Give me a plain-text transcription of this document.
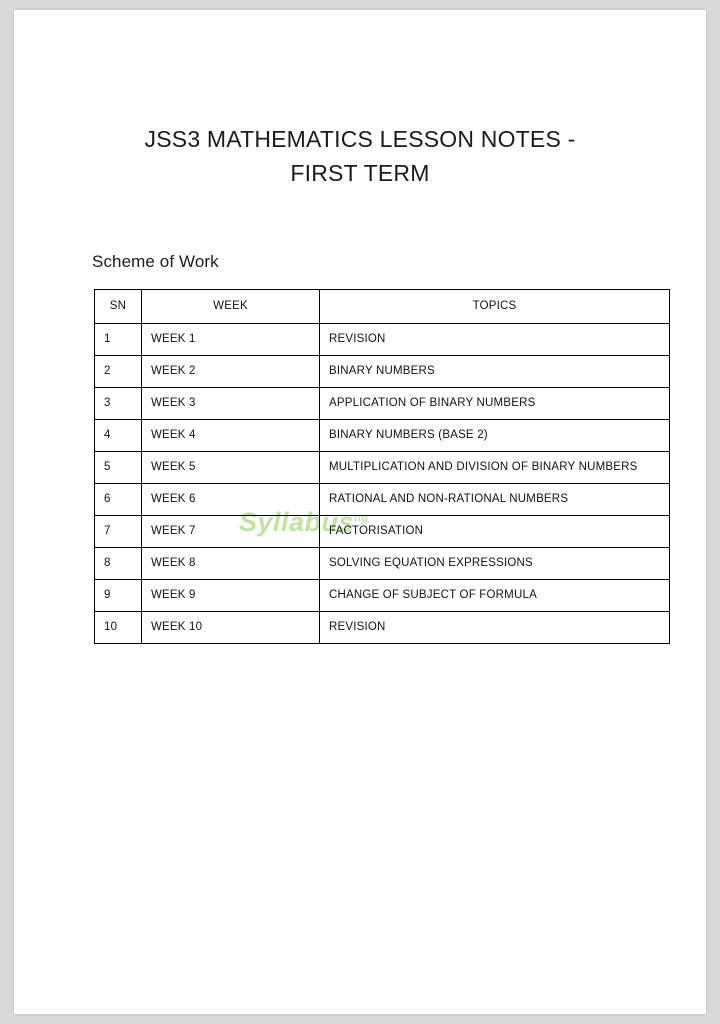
JSS3 MATHEMATICS LESSON NOTES - FIRST TERM
Scheme of Work
Syllabus$^{ng}$
SN	WEEK	TOPICS
1	WEEK 1	REVISION
2	WEEK 2	BINARY NUMBERS
3	WEEK 3	APPLICATION OF BINARY NUMBERS
4	WEEK 4	BINARY NUMBERS (BASE 2)
5	WEEK 5	MULTIPLICATION AND DIVISION OF BINARY NUMBERS
6	WEEK 6	RATIONAL AND NON-RATIONAL NUMBERS
7	WEEK 7	FACTORISATION
8	WEEK 8	SOLVING EQUATION EXPRESSIONS
9	WEEK 9	CHANGE OF SUBJECT OF FORMULA
10	WEEK 10	REVISION
